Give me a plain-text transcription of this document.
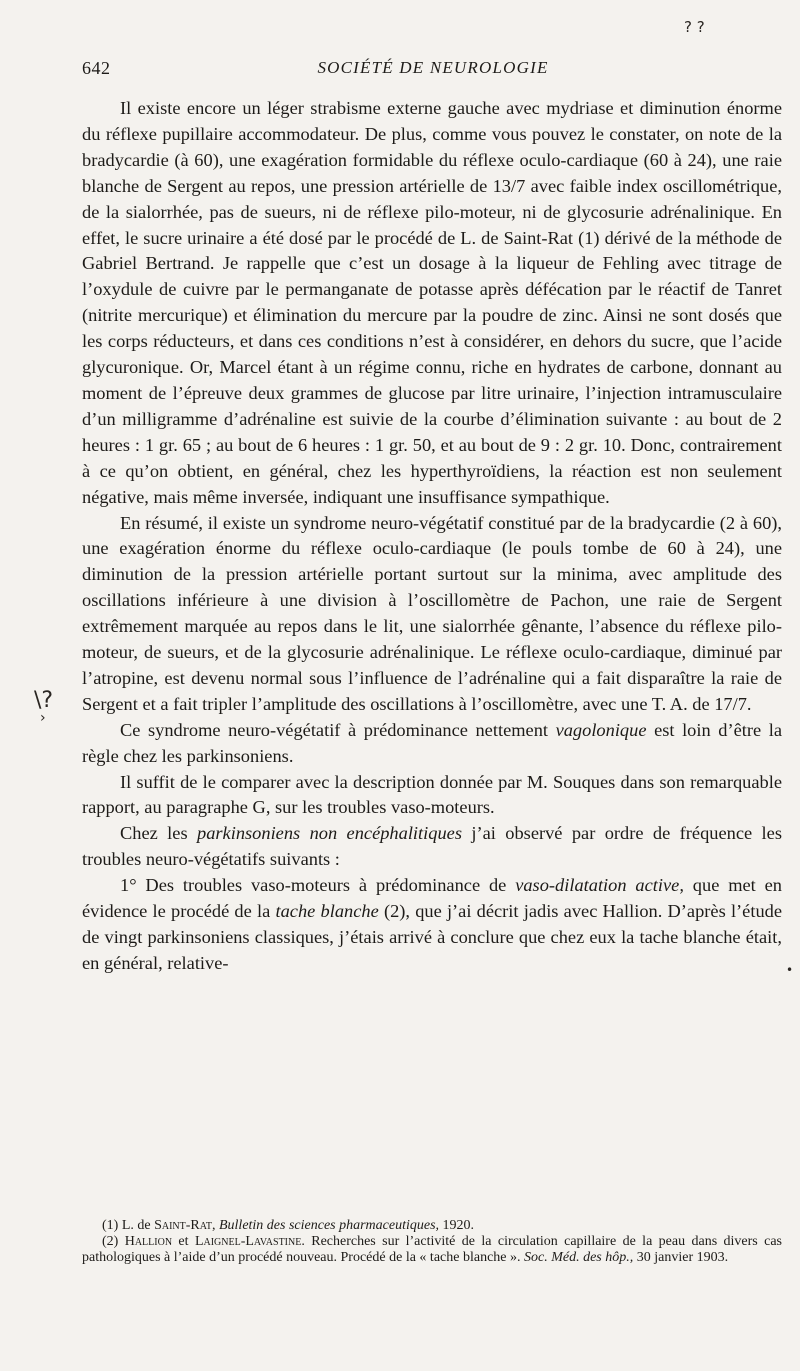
642	SOCIÉTÉ DE NEUROLOGIE
? ?
\?
›
•

Il existe encore un léger strabisme externe gauche avec mydriase et diminution énorme du réflexe pupillaire accommodateur. De plus, comme vous pouvez le constater, on note de la bradycardie (à 60), une exagération formidable du réflexe oculo-cardiaque (60 à 24), une raie blanche de Sergent au repos, une pression artérielle de 13/7 avec faible index oscillométrique, de la sialorrhée, pas de sueurs, ni de réflexe pilo-moteur, ni de glycosurie adrénalinique. En effet, le sucre urinaire a été dosé par le procédé de L. de Saint-Rat (1) dérivé de la méthode de Gabriel Bertrand. Je rappelle que c’est un dosage à la liqueur de Fehling avec titrage de l’oxydule de cuivre par le permanganate de potasse après défécation par le réactif de Tanret (nitrite mercurique) et élimination du mercure par la poudre de zinc. Ainsi ne sont dosés que les corps réducteurs, et dans ces conditions n’est à considérer, en dehors du sucre, que l’acide glycuronique. Or, Marcel étant à un régime connu, riche en hydrates de carbone, donnant au moment de l’épreuve deux grammes de glucose par litre urinaire, l’injection intramusculaire d’un milligramme d’adrénaline est suivie de la courbe d’élimination suivante : au bout de 2 heures : 1 gr. 65 ; au bout de 6 heures : 1 gr. 50, et au bout de 9 : 2 gr. 10. Donc, contrairement à ce qu’on obtient, en général, chez les hyperthyroïdiens, la réaction est non seulement négative, mais même inversée, indiquant une insuffisance sympathique.

En résumé, il existe un syndrome neuro-végétatif constitué par de la bradycardie (2 à 60), une exagération énorme du réflexe oculo-cardiaque (le pouls tombe de 60 à 24), une diminution de la pression artérielle portant surtout sur la minima, avec amplitude des oscillations inférieure à une division à l’oscillomètre de Pachon, une raie de Sergent extrêmement marquée au repos dans le lit, une sialorrhée gênante, l’absence du réflexe pilo-moteur, de sueurs, et de la glycosurie adrénalinique. Le réflexe oculo-cardiaque, diminué par l’atropine, est devenu normal sous l’influence de l’adrénaline qui a fait disparaître la raie de Sergent et a fait tripler l’amplitude des oscillations à l’oscillomètre, avec une T. A. de 17/7.

Ce syndrome neuro-végétatif à prédominance nettement vagolonique est loin d’être la règle chez les parkinsoniens.

Il suffit de le comparer avec la description donnée par M. Souques dans son remarquable rapport, au paragraphe G, sur les troubles vaso-moteurs.

Chez les parkinsoniens non encéphalitiques j’ai observé par ordre de fréquence les troubles neuro-végétatifs suivants :

1° Des troubles vaso-moteurs à prédominance de vaso-dilatation active, que met en évidence le procédé de la tache blanche (2), que j’ai décrit jadis avec Hallion. D’après l’étude de vingt parkinsoniens classiques, j’étais arrivé à conclure que chez eux la tache blanche était, en général, relative-

(1) L. de Saint-Rat, Bulletin des sciences pharmaceutiques, 1920.

(2) Hallion et Laignel-Lavastine. Recherches sur l’activité de la circulation capillaire de la peau dans divers cas pathologiques à l’aide d’un procédé nouveau. Procédé de la « tache blanche ». Soc. Méd. des hôp., 30 janvier 1903.
